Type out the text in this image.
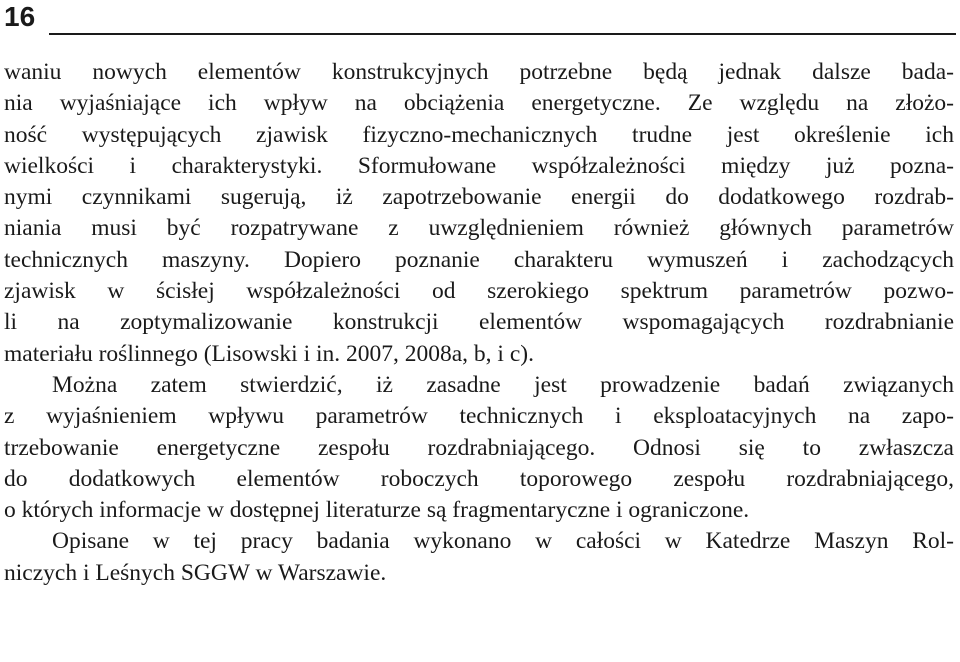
16
waniu nowych elementów konstrukcyjnych potrzebne będą jednak dalsze bada-
nia wyjaśniające ich wpływ na obciążenia energetyczne. Ze względu na złożo-
ność występujących zjawisk fizyczno-mechanicznych trudne jest określenie ich
wielkości i charakterystyki. Sformułowane współzależności między już pozna-
nymi czynnikami sugerują, iż zapotrzebowanie energii do dodatkowego rozdrab-
niania musi być rozpatrywane z uwzględnieniem również głównych parametrów
technicznych maszyny. Dopiero poznanie charakteru wymuszeń i zachodzących
zjawisk w ścisłej współzależności od szerokiego spektrum parametrów pozwo-
li na zoptymalizowanie konstrukcji elementów wspomagających rozdrabnianie
materiału roślinnego (Lisowski i in. 2007, 2008a, b, i c).
Można zatem stwierdzić, iż zasadne jest prowadzenie badań związanych
z wyjaśnieniem wpływu parametrów technicznych i eksploatacyjnych na zapo-
trzebowanie energetyczne zespołu rozdrabniającego. Odnosi się to zwłaszcza
do dodatkowych elementów roboczych toporowego zespołu rozdrabniającego,
o których informacje w dostępnej literaturze są fragmentaryczne i ograniczone.
Opisane w tej pracy badania wykonano w całości w Katedrze Maszyn Rol-
niczych i Leśnych SGGW w Warszawie.
